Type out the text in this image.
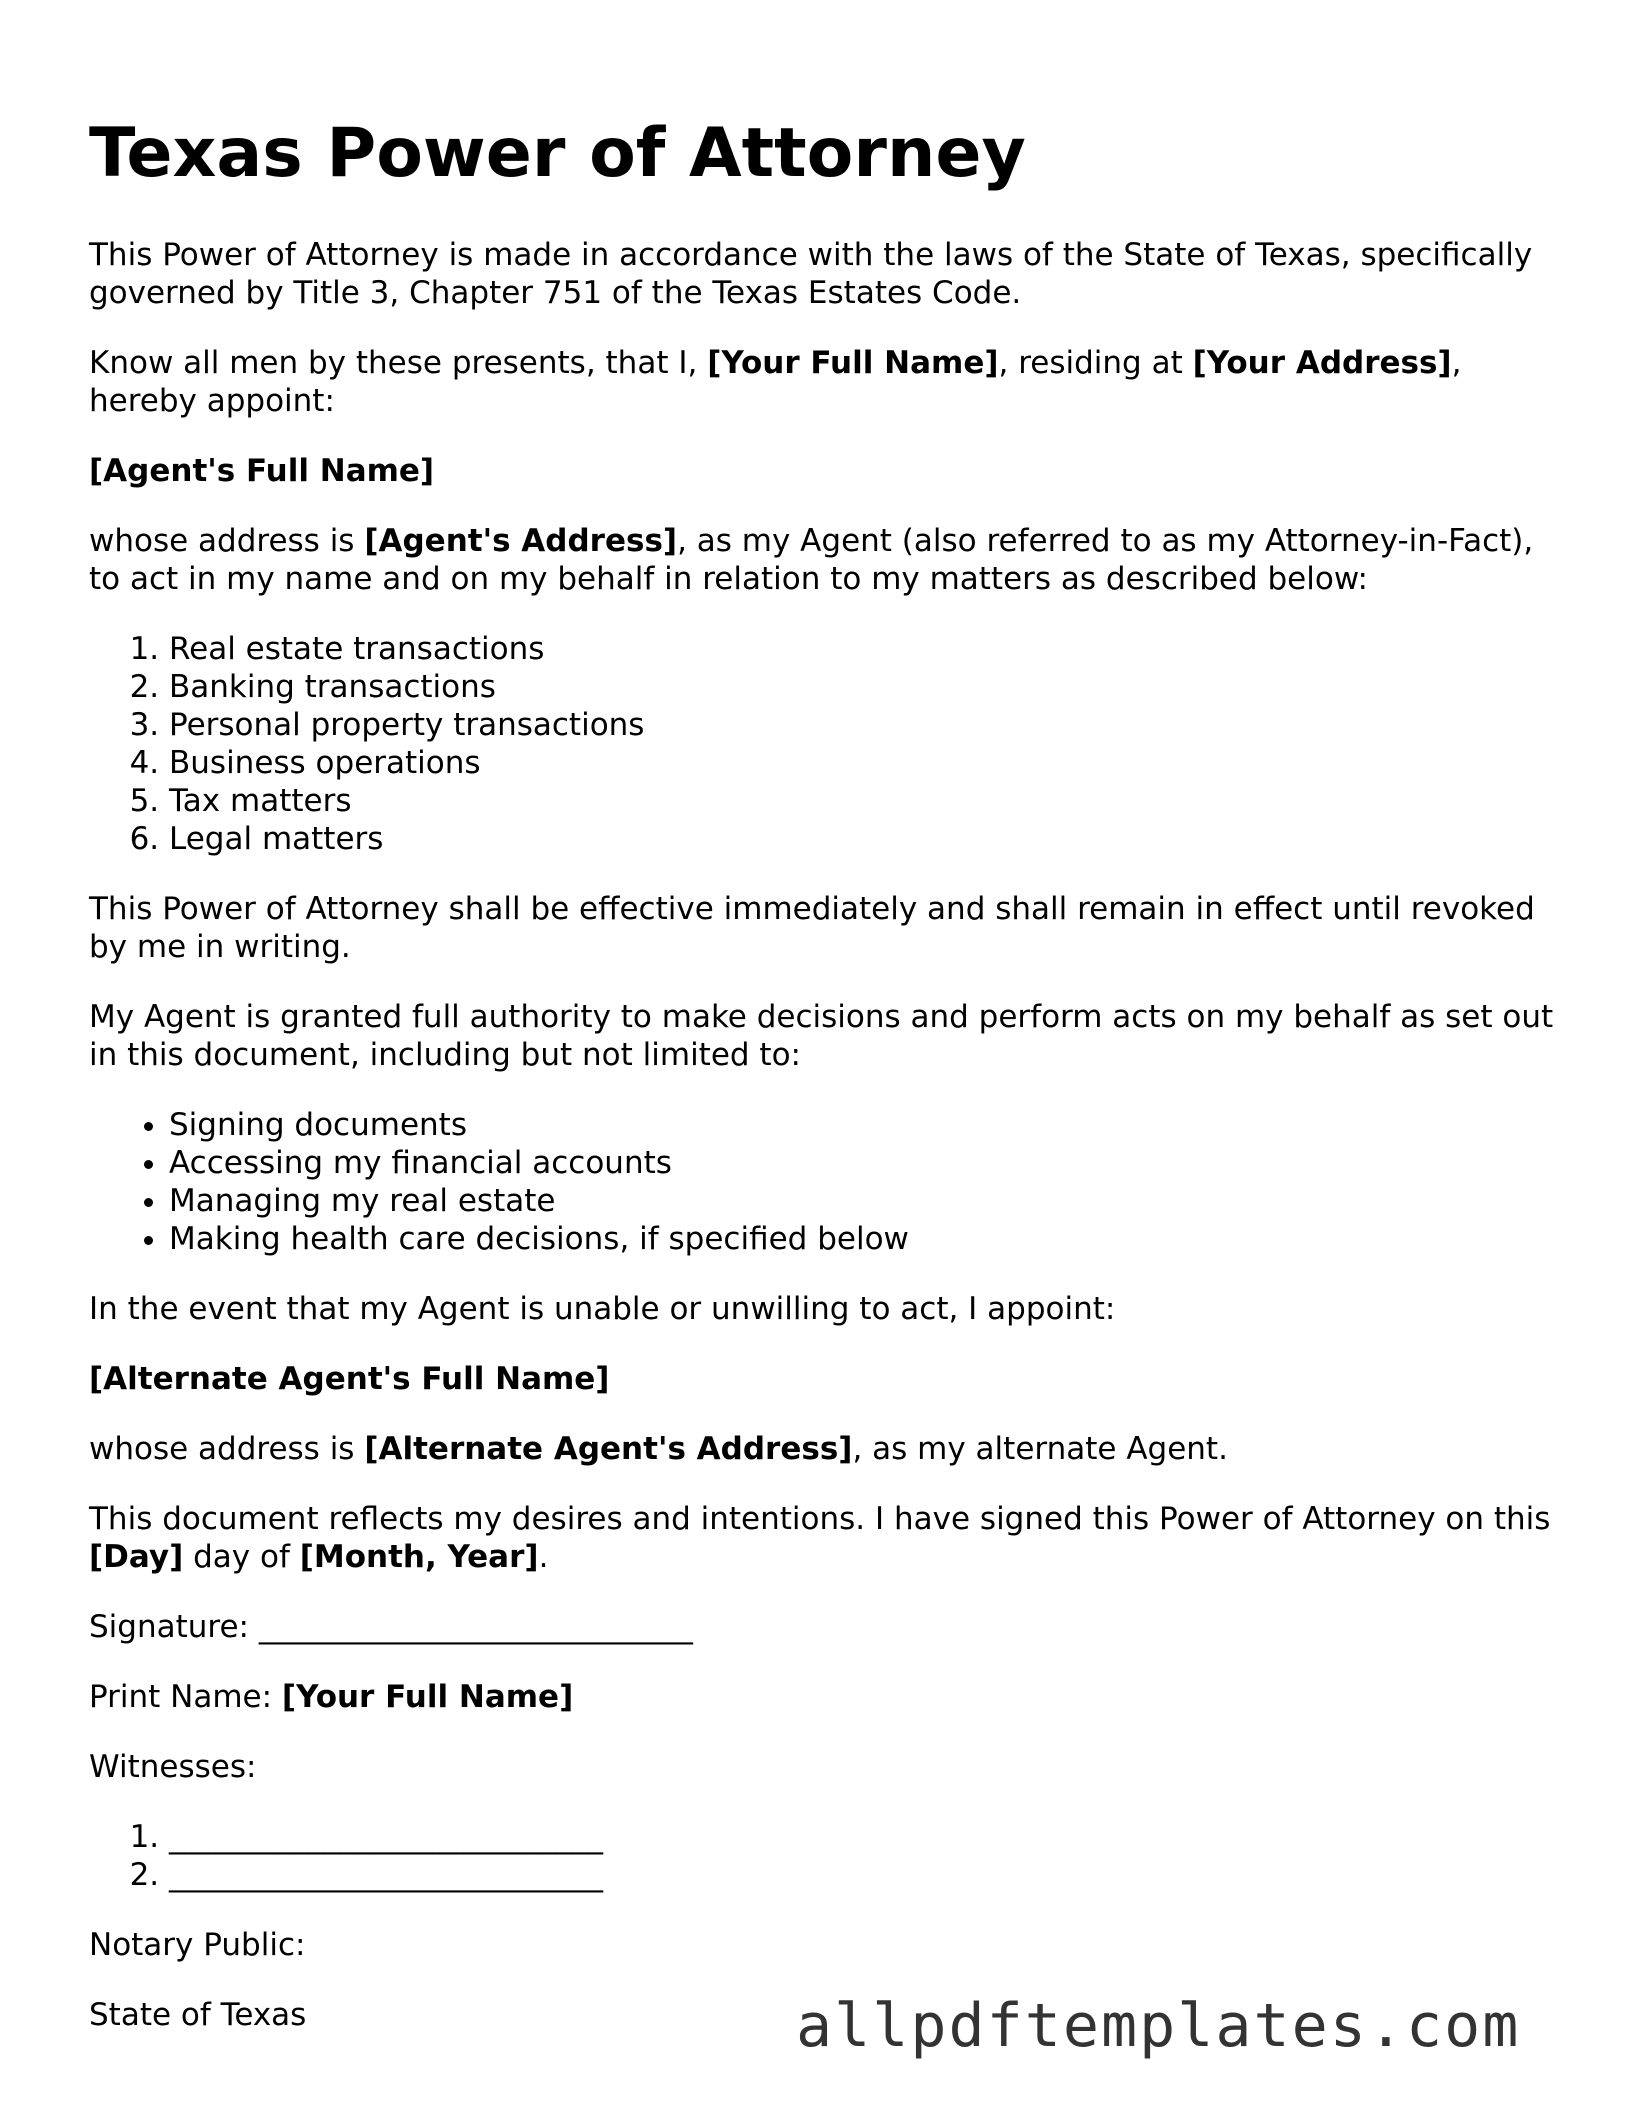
Texas Power of Attorney

This Power of Attorney is made in accordance with the laws of the State of Texas, specifically governed by Title 3, Chapter 751 of the Texas Estates Code.

Know all men by these presents, that I, [Your Full Name], residing at [Your Address], hereby appoint:

[Agent's Full Name]

whose address is [Agent's Address], as my Agent (also referred to as my Attorney-in-Fact), to act in my name and on my behalf in relation to my matters as described below:

1. Real estate transactions
2. Banking transactions
3. Personal property transactions
4. Business operations
5. Tax matters
6. Legal matters

This Power of Attorney shall be effective immediately and shall remain in effect until revoked by me in writing.

My Agent is granted full authority to make decisions and perform acts on my behalf as set out in this document, including but not limited to:

• Signing documents
• Accessing my financial accounts
• Managing my real estate
• Making health care decisions, if specified below

In the event that my Agent is unable or unwilling to act, I appoint:

[Alternate Agent's Full Name]

whose address is [Alternate Agent's Address], as my alternate Agent.

This document reflects my desires and intentions. I have signed this Power of Attorney on this [Day] day of [Month, Year].

Signature: ____________________________

Print Name: [Your Full Name]

Witnesses:

1. ____________________________
2. ____________________________

Notary Public:

State of Texas	allpdftemplates.com
